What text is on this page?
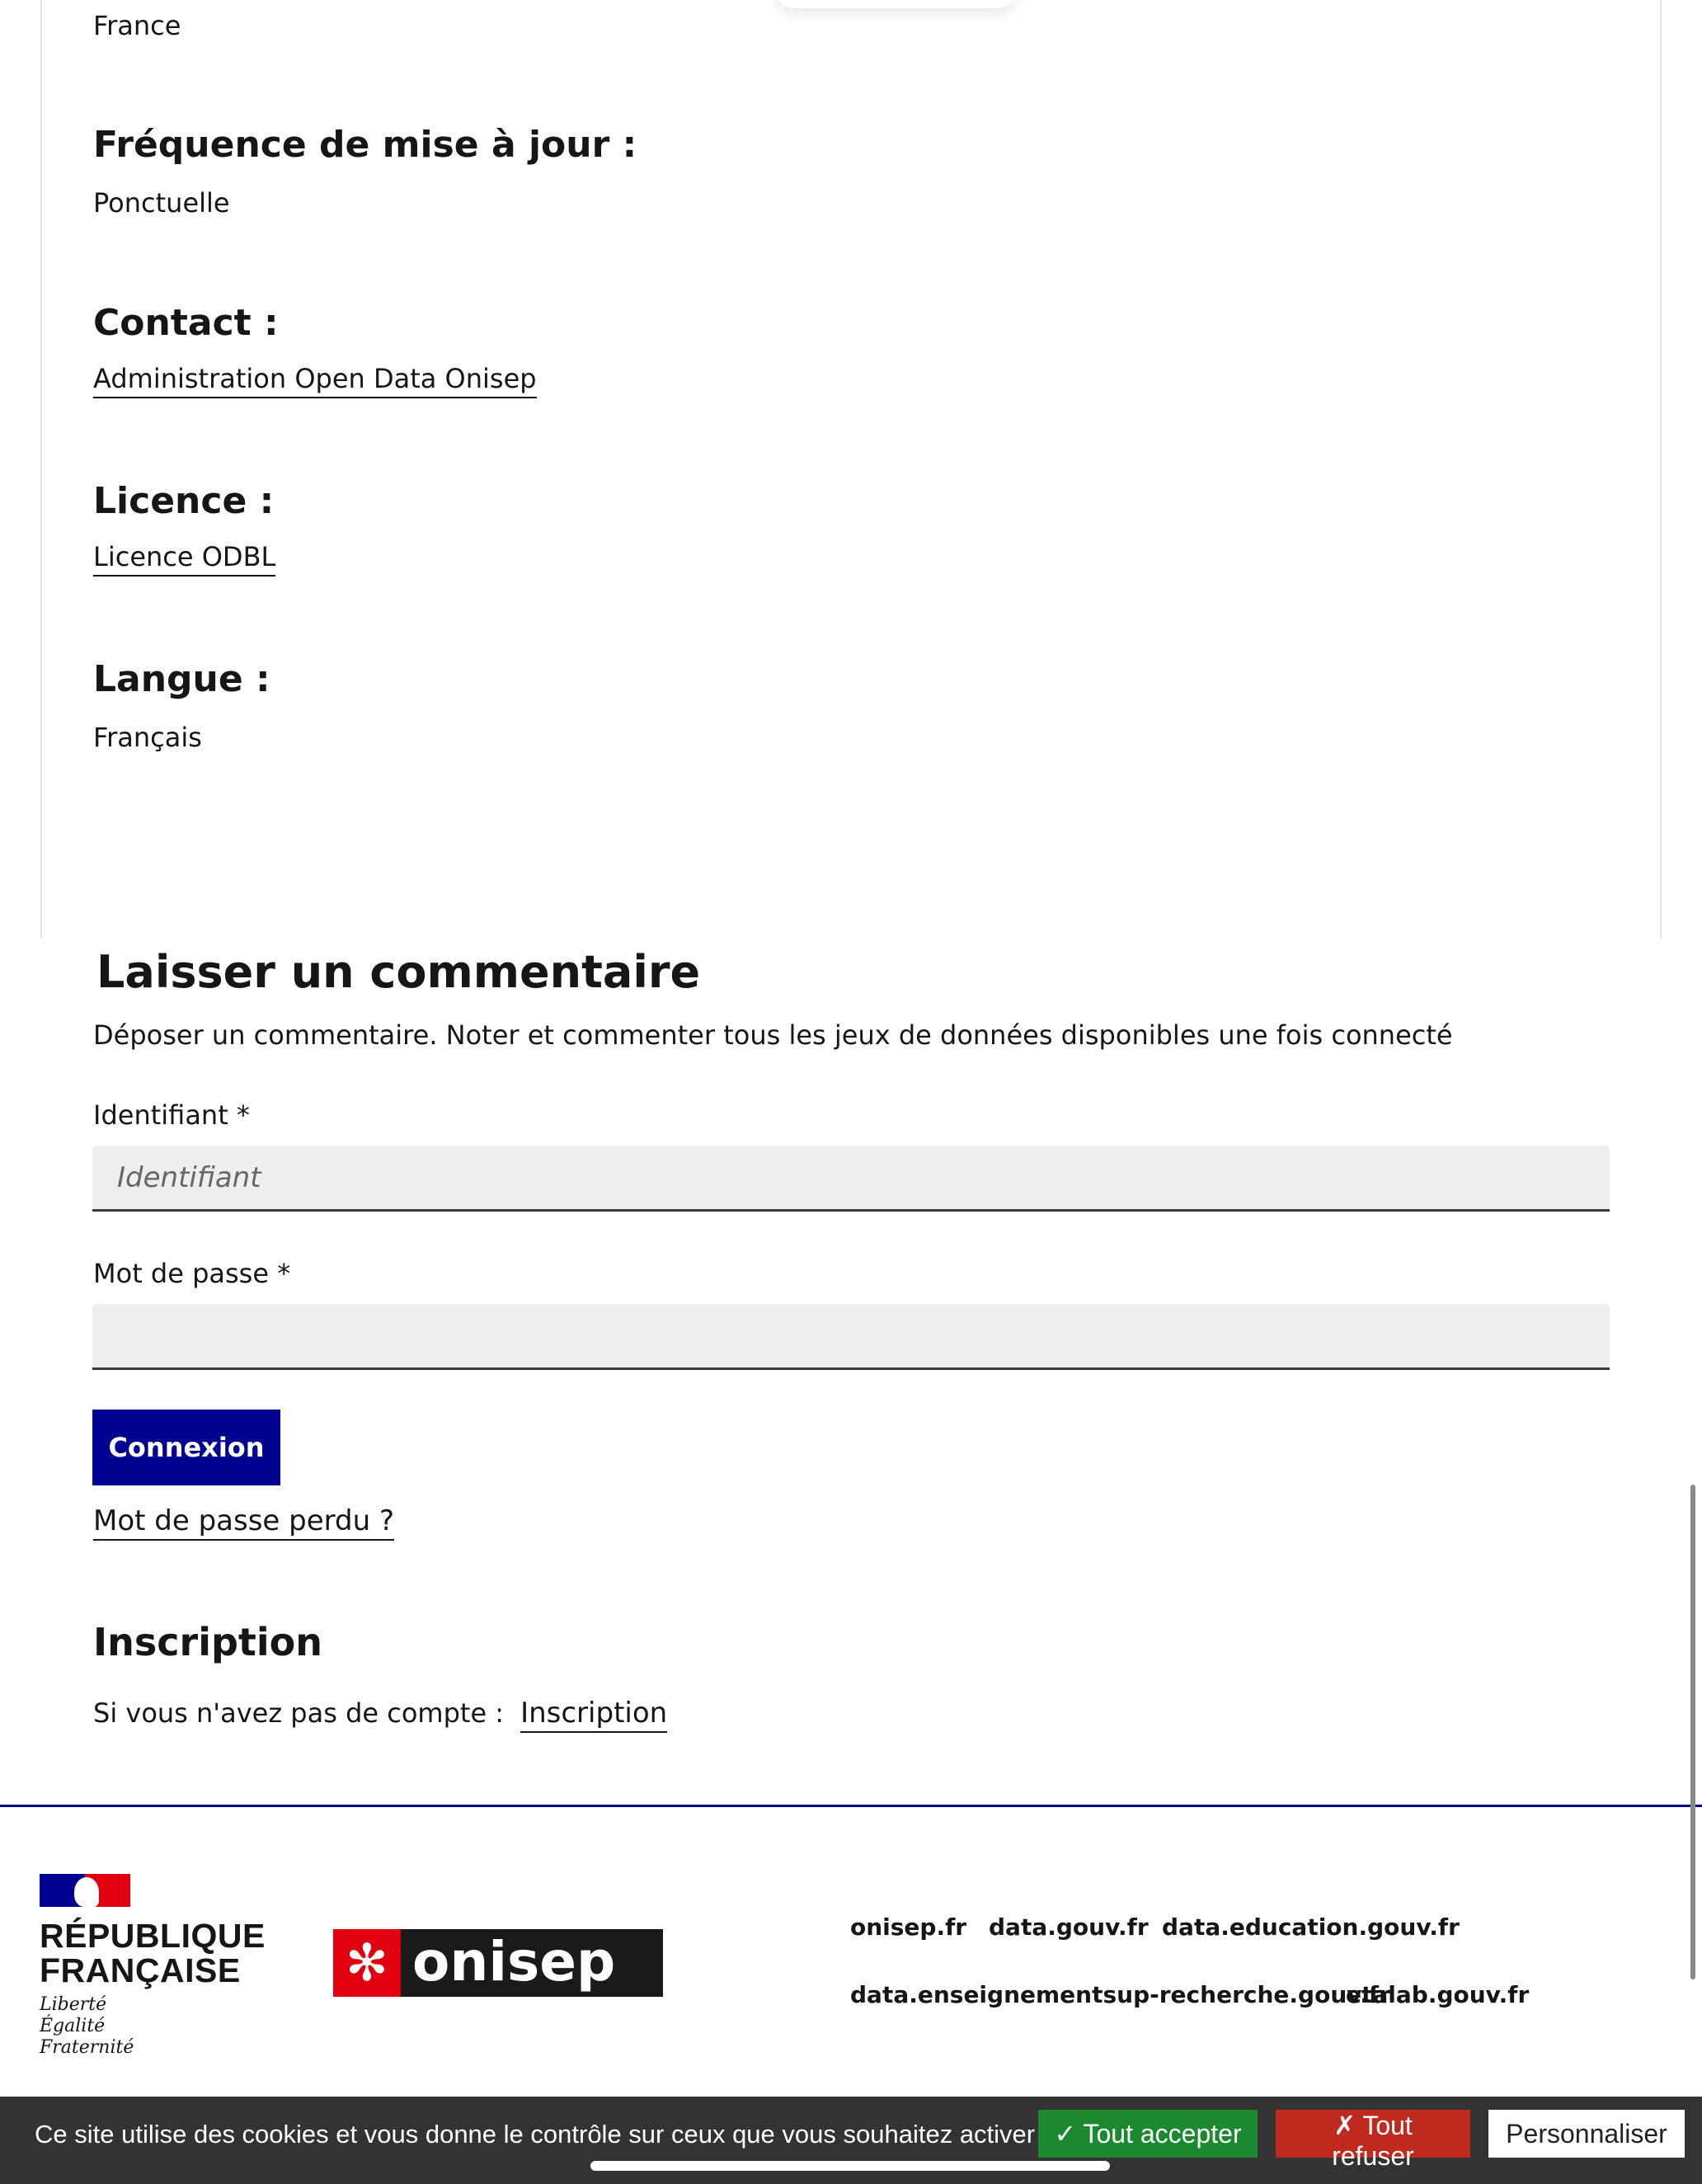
France
Fréquence de mise à jour :
Ponctuelle
Contact :
Administration Open Data Onisep
Licence :
Licence ODBL
Langue :
Français
Laisser un commentaire
Déposer un commentaire. Noter et commenter tous les jeux de données disponibles une fois connecté
Identifiant *
Identifiant
Mot de passe *
Connexion
Mot de passe perdu ?
Inscription
Si vous n'avez pas de compte : Inscription
RÉPUBLIQUE
FRANÇAISE
Liberté
Égalité
Fraternité
✻ onisep
onisep.fr data.gouv.fr data.education.gouv.fr
data.enseignementsup-recherche.gouv.fr
etalab.gouv.fr
Ce site utilise des cookies et vous donne le contrôle sur ceux que vous souhaitez activer ✓ Tout accepter	✗ Tout refuser
Personnaliser
